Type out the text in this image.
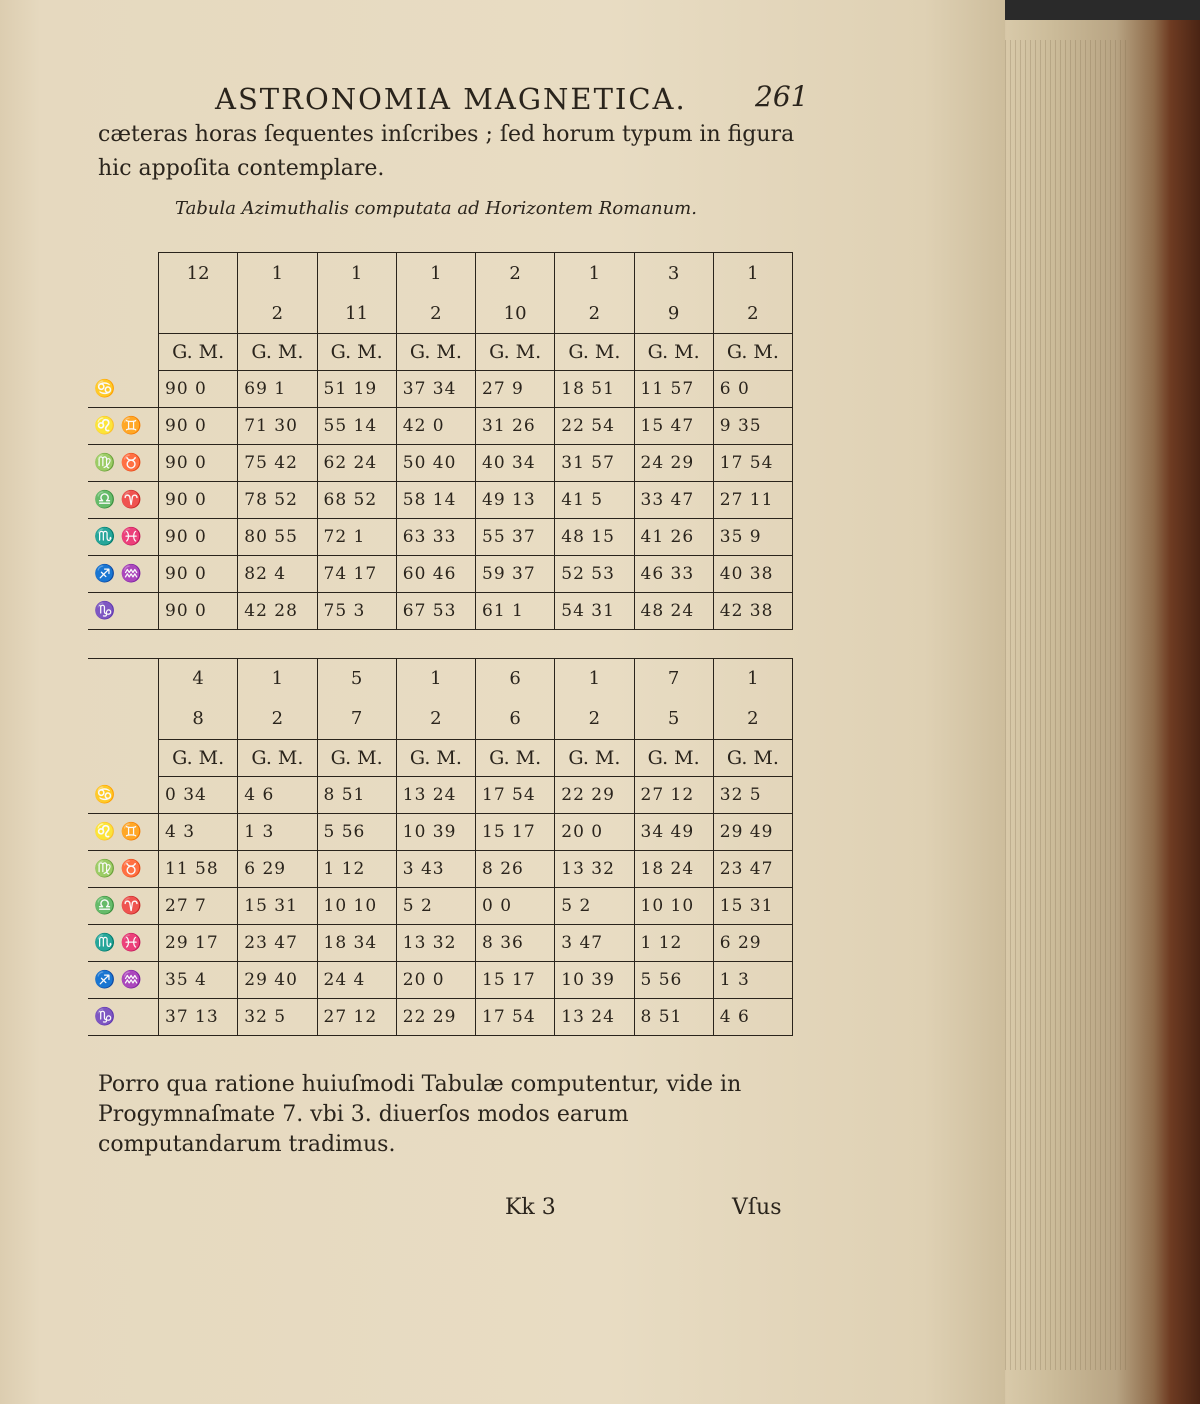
ASTRONOMIA MAGNETICA. 261
cæteras horas ſequentes inſcribes ; ſed horum typum in figura hic appoſita contemplare.
Tabula Azimuthalis computata ad Horizontem Romanum.
	12	1	1	1	2	1	3	1
		2	11	2	10	2	9	2
	G. M.	G. M.	G. M.	G. M.	G. M.	G. M.	G. M.	G. M.
♋	90 0	69 1	51 19	37 34	27 9	18 51	11 57	6 0
♌ ♊	90 0	71 30	55 14	42 0	31 26	22 54	15 47	9 35
♍ ♉	90 0	75 42	62 24	50 40	40 34	31 57	24 29	17 54
♎ ♈	90 0	78 52	68 52	58 14	49 13	41 5	33 47	27 11
♏ ♓	90 0	80 55	72 1	63 33	55 37	48 15	41 26	35 9
♐ ♒	90 0	82 4	74 17	60 46	59 37	52 53	46 33	40 38
♑	90 0	42 28	75 3	67 53	61 1	54 31	48 24	42 38

	4	1	5	1	6	1	7	1
	8	2	7	2	6	2	5	2
	G. M.	G. M.	G. M.	G. M.	G. M.	G. M.	G. M.	G. M.
♋	0 34	4 6	8 51	13 24	17 54	22 29	27 12	32 5
♌ ♊	4 3	1 3	5 56	10 39	15 17	20 0	34 49	29 49
♍ ♉	11 58	6 29	1 12	3 43	8 26	13 32	18 24	23 47
♎ ♈	27 7	15 31	10 10	5 2	0 0	5 2	10 10	15 31
♏ ♓	29 17	23 47	18 34	13 32	8 36	3 47	1 12	6 29
♐ ♒	35 4	29 40	24 4	20 0	15 17	10 39	5 56	1 3
♑	37 13	32 5	27 12	22 29	17 54	13 24	8 51	4 6
Porro qua ratione huiuſmodi Tabulæ computentur, vide in Progymnaſmate 7. vbi 3. diuerſos modos earum computandarum tradimus.
Kk 3	Vſus
